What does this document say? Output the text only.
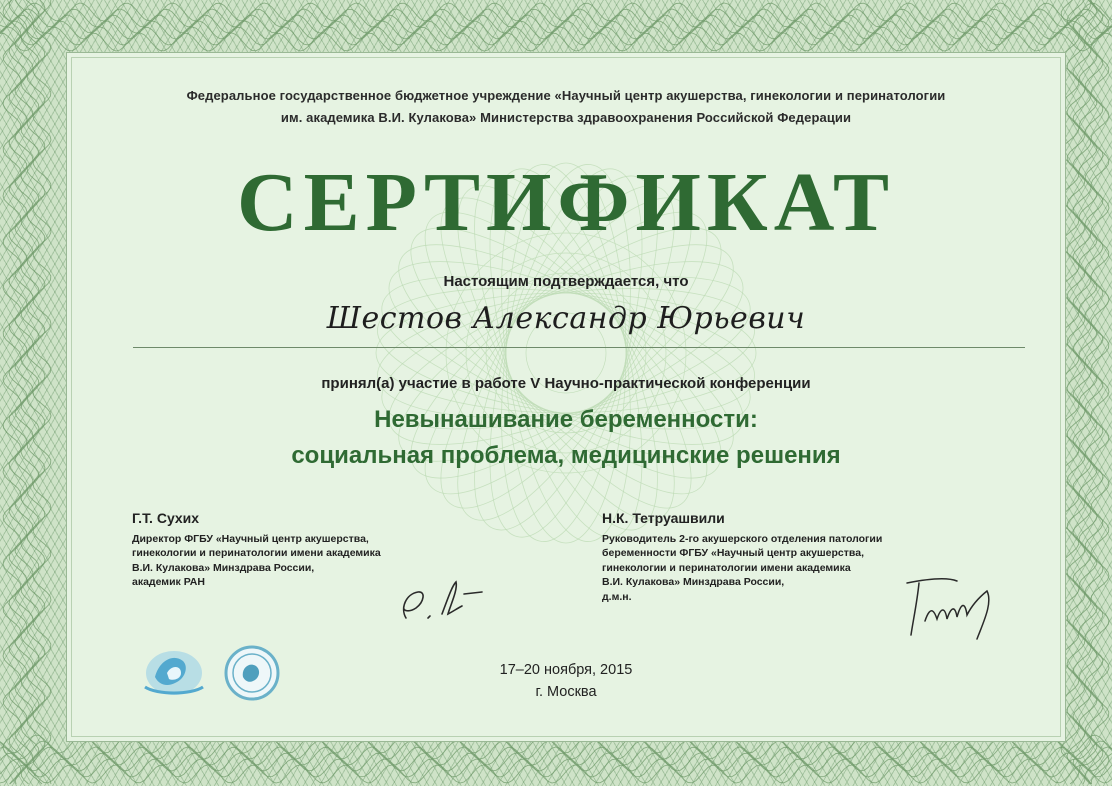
Федеральное государственное бюджетное учреждение «Научный центр акушерства, гинекологии и перинатологии
им. академика В.И. Кулакова» Министерства здравоохранения Российской Федерации
СЕРТИФИКАТ
Настоящим подтверждается, что
Шестов Александр Юрьевич
принял(а) участие в работе V Научно-практической конференции
Невынашивание беременности:
социальная проблема, медицинские решения
Г.Т. Сухих
Директор ФГБУ «Научный центр акушерства,
гинекологии и перинатологии имени академика
В.И. Кулакова» Минздрава России,
академик РАН
Н.К. Тетруашвили
Руководитель 2-го акушерского отделения патологии
беременности ФГБУ «Научный центр акушерства,
гинекологии и перинатологии имени академика
В.И. Кулакова» Минздрава России,
д.м.н.
17–20 ноября, 2015
г. Москва
